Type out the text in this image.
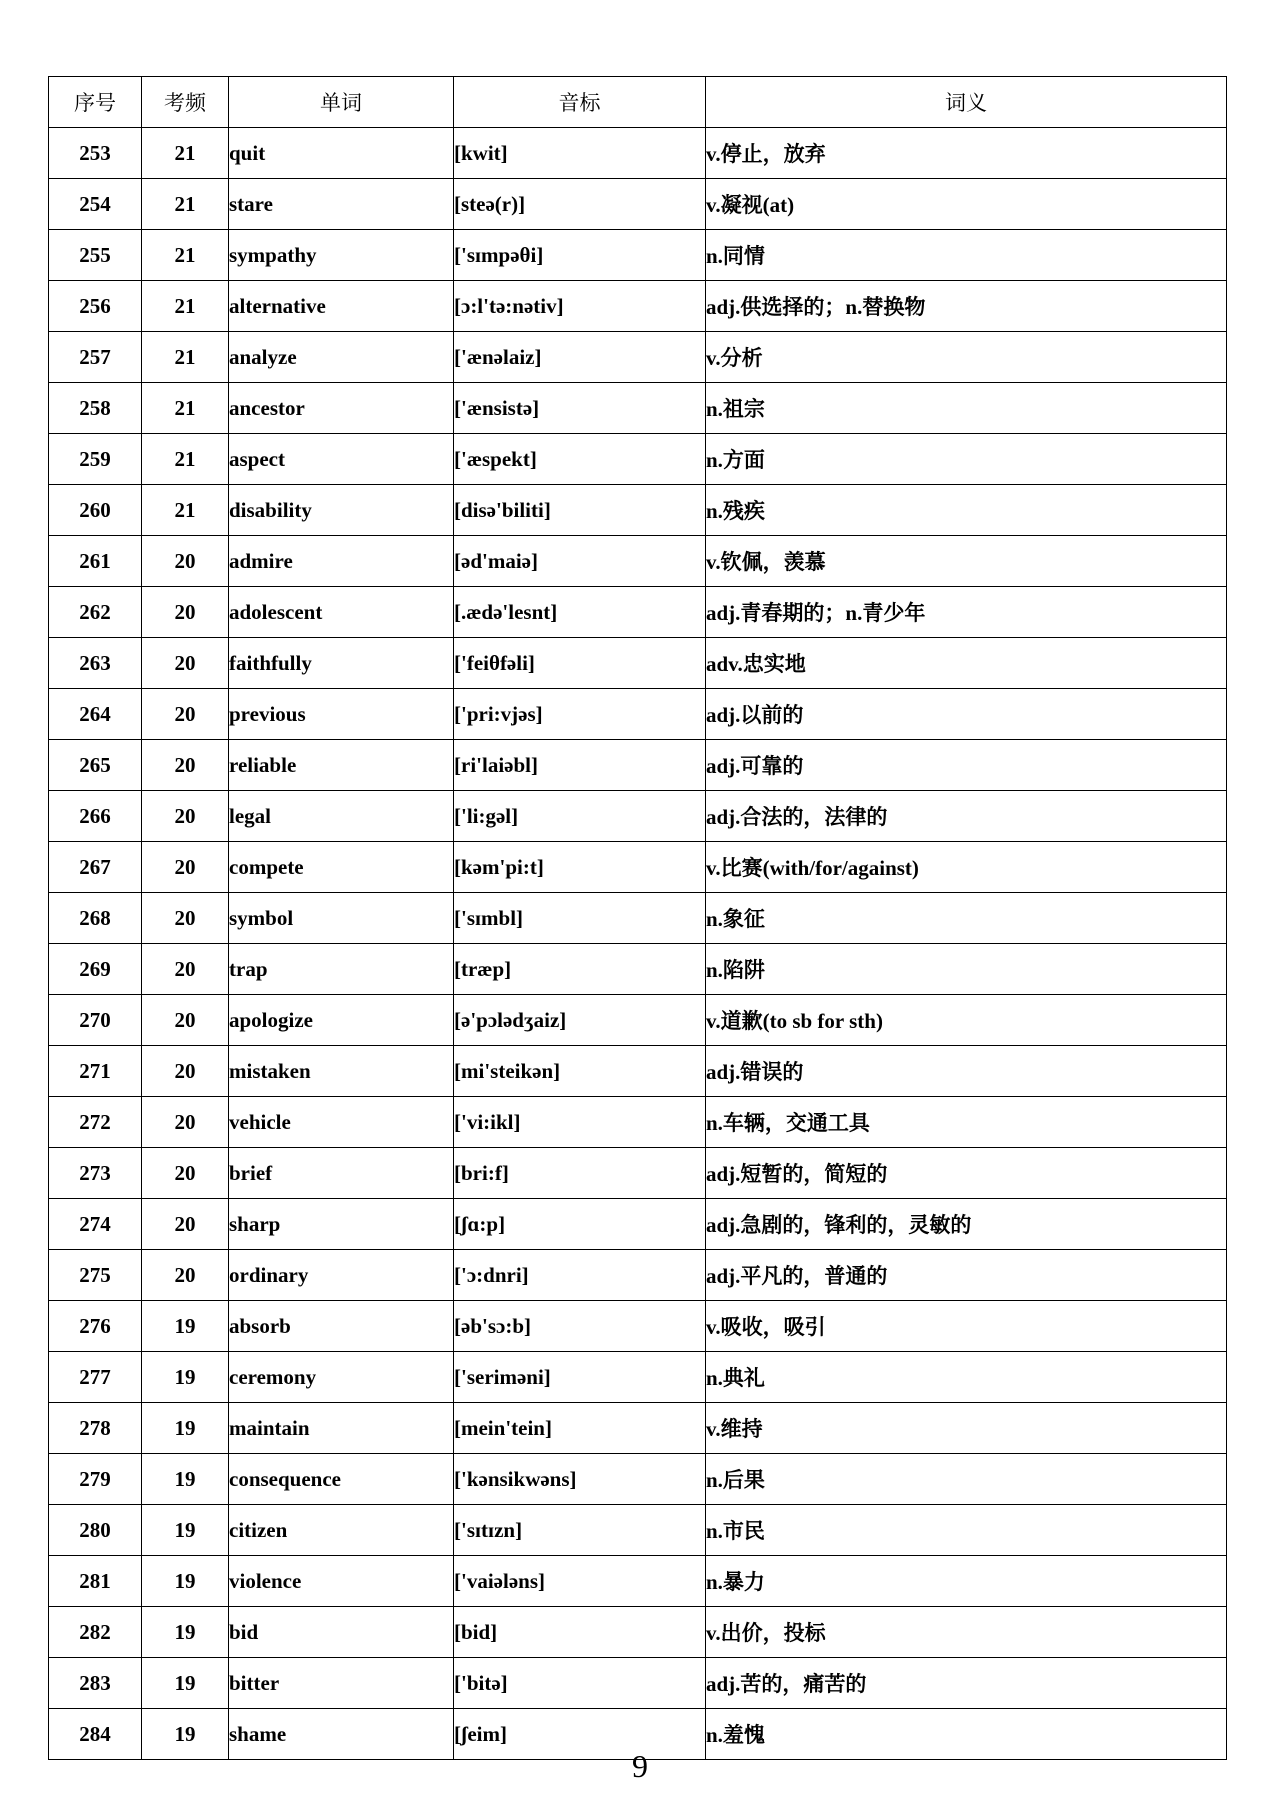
序号	考频	单词	音标	词义
253	21	quit	[kwit]	v.停止，放弃
254	21	stare	[steə(r)]	v.凝视(at)
255	21	sympathy	['sɪmpəθi]	n.同情
256	21	alternative	[ɔ:l'tə:nətiv]	adj.供选择的；n.替换物
257	21	analyze	['ænəlaiz]	v.分析
258	21	ancestor	['ænsistə]	n.祖宗
259	21	aspect	['æspekt]	n.方面
260	21	disability	[disə'biliti]	n.残疾
261	20	admire	[əd'maiə]	v.钦佩，羡慕
262	20	adolescent	[.ædə'lesnt]	adj.青春期的；n.青少年
263	20	faithfully	['feiθfəli]	adv.忠实地
264	20	previous	['pri:vjəs]	adj.以前的
265	20	reliable	[ri'laiəbl]	adj.可靠的
266	20	legal	['li:gəl]	adj.合法的，法律的
267	20	compete	[kəm'pi:t]	v.比赛(with/for/against)
268	20	symbol	['sɪmbl]	n.象征
269	20	trap	[træp]	n.陷阱
270	20	apologize	[ə'pɔlədʒaiz]	v.道歉(to sb for sth)
271	20	mistaken	[mi'steikən]	adj.错误的
272	20	vehicle	['vi:ikl]	n.车辆，交通工具
273	20	brief	[bri:f]	adj.短暂的，简短的
274	20	sharp	[ʃɑ:p]	adj.急剧的，锋利的，灵敏的
275	20	ordinary	['ɔ:dnri]	adj.平凡的，普通的
276	19	absorb	[əb'sɔ:b]	v.吸收，吸引
277	19	ceremony	['seriməni]	n.典礼
278	19	maintain	[mein'tein]	v.维持
279	19	consequence	['kənsikwəns]	n.后果
280	19	citizen	['sɪtɪzn]	n.市民
281	19	violence	['vaiələns]	n.暴力
282	19	bid	[bid]	v.出价，投标
283	19	bitter	['bitə]	adj.苦的，痛苦的
284	19	shame	[ʃeim]	n.羞愧
9
